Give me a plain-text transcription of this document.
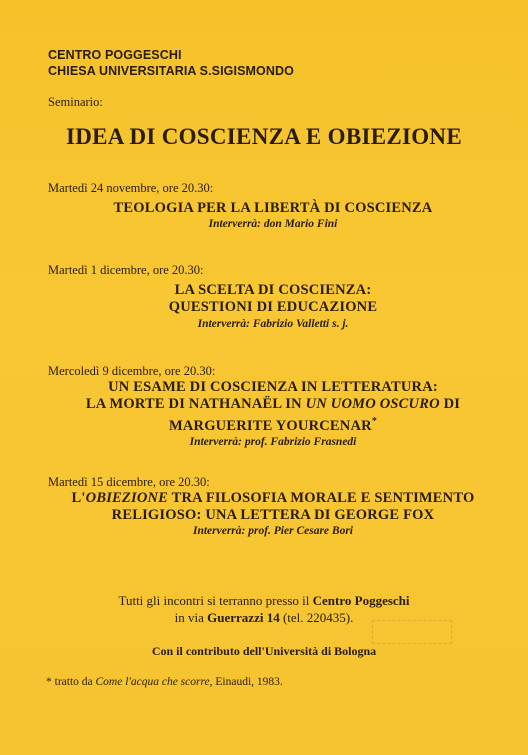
CENTRO POGGESCHI
CHIESA UNIVERSITARIA S.SIGISMONDO
Seminario:
IDEA DI COSCIENZA E OBIEZIONE
Martedì 24 novembre, ore 20.30:
TEOLOGIA PER LA LIBERTÀ DI COSCIENZA
Interverrà: don Mario Fini
Martedì 1 dicembre, ore 20.30:
LA SCELTA DI COSCIENZA:
QUESTIONI DI EDUCAZIONE
Interverrà: Fabrizio Valletti s. j.
Mercoledì 9 dicembre, ore 20.30:
UN ESAME DI COSCIENZA IN LETTERATURA:
LA MORTE DI NATHANAËL IN UN UOMO OSCURO DI
MARGUERITE YOURCENAR*
Interverrà: prof. Fabrizio Frasnedi
Martedì 15 dicembre, ore 20.30:
L'OBIEZIONE TRA FILOSOFIA MORALE E SENTIMENTO
RELIGIOSO: UNA LETTERA DI GEORGE FOX
Interverrà: prof. Pier Cesare Bori
Tutti gli incontri si terranno presso il Centro Poggeschi
in via Guerrazzi 14 (tel. 220435).
Con il contributo dell'Università di Bologna
* tratto da Come l'acqua che scorre, Einaudi, 1983.
